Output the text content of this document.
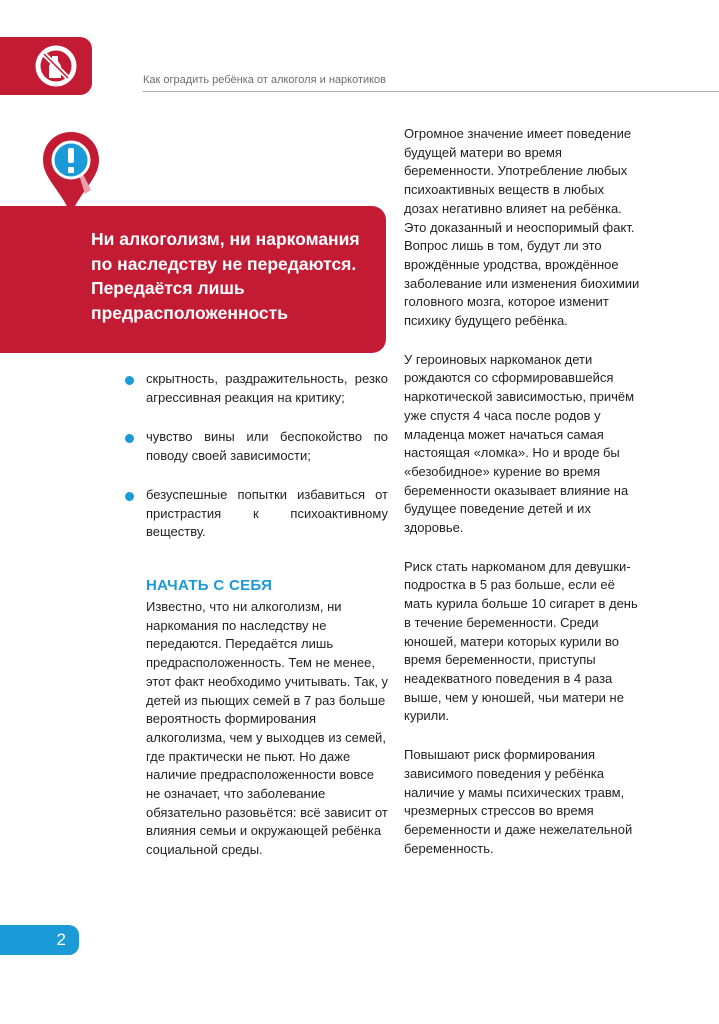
Как оградить ребёнка от алкоголя и наркотиков

Ни алкоголизм, ни наркомания по наследству не передаются. Передаётся лишь предрасположенность

скрытность, раздражительность, резко агрессивная реакция на критику;
чувство вины или беспокойство по поводу своей зависимости;
безуспешные попытки избавиться от пристрастия к психоактивному веществу.
НАЧАТЬ С СЕБЯ

Известно, что ни алкоголизм, ни наркомания по наследству не передаются. Передаётся лишь предрасположенность. Тем не менее, этот факт необходимо учитывать. Так, у детей из пьющих семей в 7 раз больше вероятность формирования алкоголизма, чем у выходцев из семей, где практически не пьют. Но даже наличие предрасположенности вовсе не означает, что заболевание обязательно разовьётся: всё зависит от влияния семьи и окружающей ребёнка социальной среды.

Огромное значение имеет поведение будущей матери во время беременности. Употребление любых психоактивных веществ в любых дозах негативно влияет на ребёнка. Это доказанный и неоспоримый факт. Вопрос лишь в том, будут ли это врождённые уродства, врождённое заболевание или изменения биохимии головного мозга, которое изменит психику будущего ребёнка.

У героиновых наркоманок дети рождаются со сформировавшейся наркотической зависимостью, причём уже спустя 4 часа после родов у младенца может начаться самая настоящая «ломка». Но и вроде бы «безобидное» курение во время беременности оказывает влияние на будущее поведение детей и их здоровье.

Риск стать наркоманом для девушки-подростка в 5 раз больше, если её мать курила больше 10 сигарет в день в течение беременности. Среди юношей, матери которых курили во время беременности, приступы неадекватного поведения в 4 раза выше, чем у юношей, чьи матери не курили.

Повышают риск формирования зависимого поведения у ребёнка наличие у мамы психических травм, чрезмерных стрессов во время беременности и даже нежелательной беременность.

2
